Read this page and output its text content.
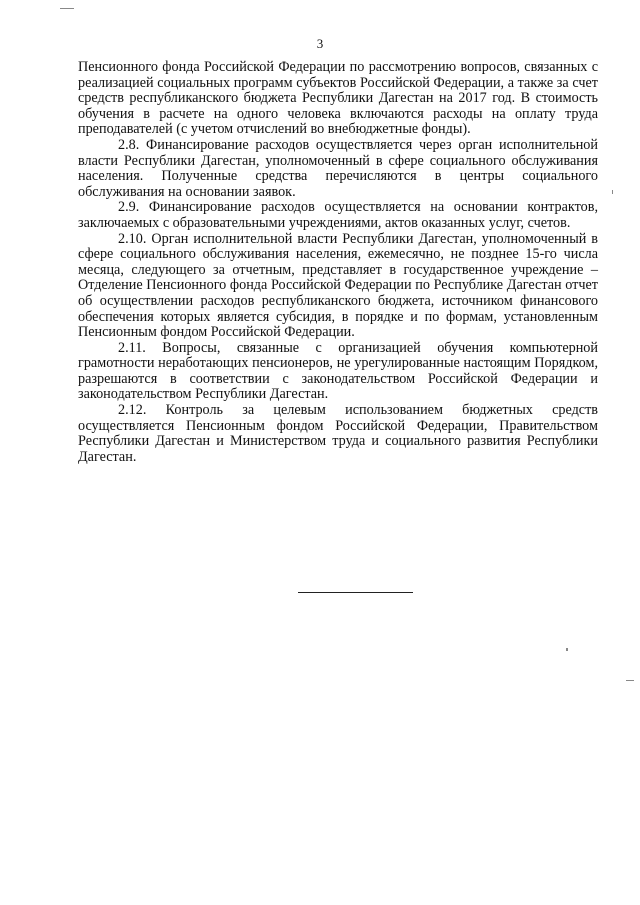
3

Пенсионного фонда Российской Федерации по рассмотрению вопросов, связанных с реализацией социальных программ субъектов Российской Федерации, а также за счет средств республиканского бюджета Республики Дагестан на 2017 год. В стоимость обучения в расчете на одного человека включаются расходы на оплату труда преподавателей (с учетом отчислений во внебюджетные фонды).

2.8. Финансирование расходов осуществляется через орган исполнительной власти Республики Дагестан, уполномоченный в сфере социального обслуживания населения. Полученные средства перечисляются в центры социального обслуживания на основании заявок.

2.9. Финансирование расходов осуществляется на основании контрактов, заключаемых с образовательными учреждениями, актов оказанных услуг, счетов.

2.10. Орган исполнительной власти Республики Дагестан, уполномоченный в сфере социального обслуживания населения, ежемесячно, не позднее 15-го числа месяца, следующего за отчетным, представляет в государственное учреждение – Отделение Пенсионного фонда Российской Федерации по Республике Дагестан отчет об осуществлении расходов республиканского бюджета, источником финансового обеспечения которых является субсидия, в порядке и по формам, установленным Пенсионным фондом Российской Федерации.

2.11. Вопросы, связанные с организацией обучения компьютерной грамотности неработающих пенсионеров, не урегулированные настоящим Порядком, разрешаются в соответствии с законодательством Российской Федерации и законодательством Республики Дагестан.

2.12. Контроль за целевым использованием бюджетных средств осуществляется Пенсионным фондом Российской Федерации, Правительством Республики Дагестан и Министерством труда и социального развития Республики Дагестан.
